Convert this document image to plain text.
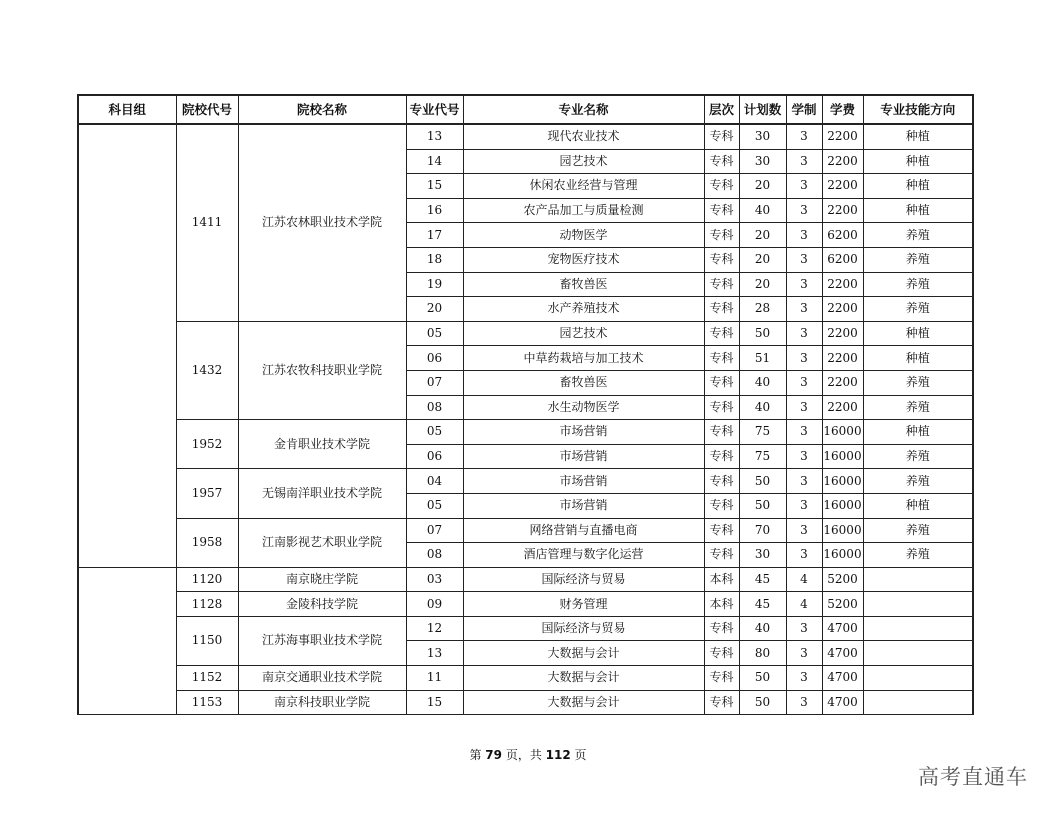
科目组	院校代号	院校名称	专业代号	专业名称	层次	计划数	学制	学费	专业技能方向
	1411	江苏农林职业技术学院	13	现代农业技术	专科	30	3	2200	种植
			14	园艺技术	专科	30	3	2200	种植
			15	休闲农业经营与管理	专科	20	3	2200	种植
			16	农产品加工与质量检测	专科	40	3	2200	种植
			17	动物医学	专科	20	3	6200	养殖
			18	宠物医疗技术	专科	20	3	6200	养殖
			19	畜牧兽医	专科	20	3	2200	养殖
			20	水产养殖技术	专科	28	3	2200	养殖
	1432	江苏农牧科技职业学院	05	园艺技术	专科	50	3	2200	种植
			06	中草药栽培与加工技术	专科	51	3	2200	种植
			07	畜牧兽医	专科	40	3	2200	养殖
			08	水生动物医学	专科	40	3	2200	养殖
	1952	金肯职业技术学院	05	市场营销	专科	75	3	16000	种植
			06	市场营销	专科	75	3	16000	养殖
	1957	无锡南洋职业技术学院	04	市场营销	专科	50	3	16000	养殖
			05	市场营销	专科	50	3	16000	种植
	1958	江南影视艺术职业学院	07	网络营销与直播电商	专科	70	3	16000	养殖
			08	酒店管理与数字化运营	专科	30	3	16000	养殖
	1120	南京晓庄学院	03	国际经济与贸易	本科	45	4	5200	
	1128	金陵科技学院	09	财务管理	本科	45	4	5200	
	1150	江苏海事职业技术学院	12	国际经济与贸易	专科	40	3	4700	
			13	大数据与会计	专科	80	3	4700	
	1152	南京交通职业技术学院	11	大数据与会计	专科	50	3	4700	
	1153	南京科技职业学院	15	大数据与会计	专科	50	3	4700	
第 79 页，共 112 页
高考直通车
